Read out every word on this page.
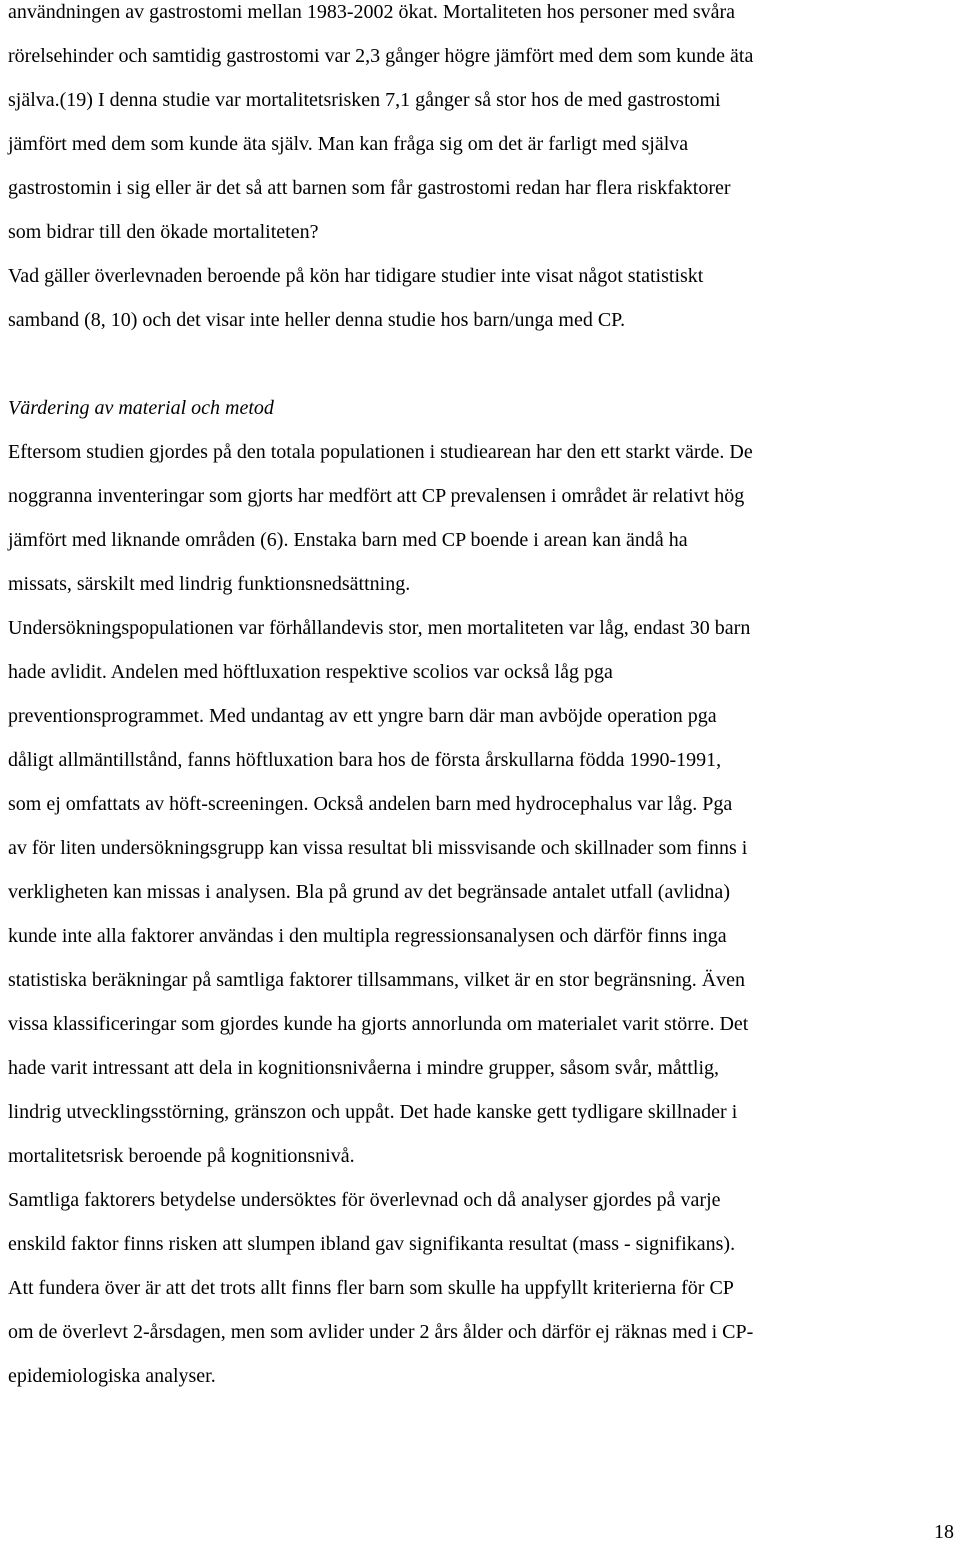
användningen av gastrostomi mellan 1983-2002 ökat. Mortaliteten hos personer med svåra
rörelsehinder och samtidig gastrostomi var 2,3 gånger högre jämfört med dem som kunde äta
själva.(19) I denna studie var mortalitetsrisken 7,1 gånger så stor hos de med gastrostomi
jämfört med dem som kunde äta själv. Man kan fråga sig om det är farligt med själva
gastrostomin i sig eller är det så att barnen som får gastrostomi redan har flera riskfaktorer
som bidrar till den ökade mortaliteten?

Vad gäller överlevnaden beroende på kön har tidigare studier inte visat något statistiskt
samband (8, 10) och det visar inte heller denna studie hos barn/unga med CP.

Värdering av material och metod

Eftersom studien gjordes på den totala populationen i studiearean har den ett starkt värde. De
noggranna inventeringar som gjorts har medfört att CP prevalensen i området är relativt hög
jämfört med liknande områden (6). Enstaka barn med CP boende i arean kan ändå ha
missats, särskilt med lindrig funktionsnedsättning.

Undersökningspopulationen var förhållandevis stor, men mortaliteten var låg, endast 30 barn
hade avlidit. Andelen med höftluxation respektive scolios var också låg pga
preventionsprogrammet. Med undantag av ett yngre barn där man avböjde operation pga
dåligt allmäntillstånd, fanns höftluxation bara hos de första årskullarna födda 1990-1991,
som ej omfattats av höft-screeningen. Också andelen barn med hydrocephalus var låg. Pga
av för liten undersökningsgrupp kan vissa resultat bli missvisande och skillnader som finns i
verkligheten kan missas i analysen. Bla på grund av det begränsade antalet utfall (avlidna)
kunde inte alla faktorer användas i den multipla regressionsanalysen och därför finns inga
statistiska beräkningar på samtliga faktorer tillsammans, vilket är en stor begränsning. Även
vissa klassificeringar som gjordes kunde ha gjorts annorlunda om materialet varit större. Det
hade varit intressant att dela in kognitionsnivåerna i mindre grupper, såsom svår, måttlig,
lindrig utvecklingsstörning, gränszon och uppåt. Det hade kanske gett tydligare skillnader i
mortalitetsrisk beroende på kognitionsnivå.

Samtliga faktorers betydelse undersöktes för överlevnad och då analyser gjordes på varje
enskild faktor finns risken att slumpen ibland gav signifikanta resultat (mass - signifikans).

Att fundera över är att det trots allt finns fler barn som skulle ha uppfyllt kriterierna för CP
om de överlevt 2-årsdagen, men som avlider under 2 års ålder och därför ej räknas med i CP-
epidemiologiska analyser.

18
